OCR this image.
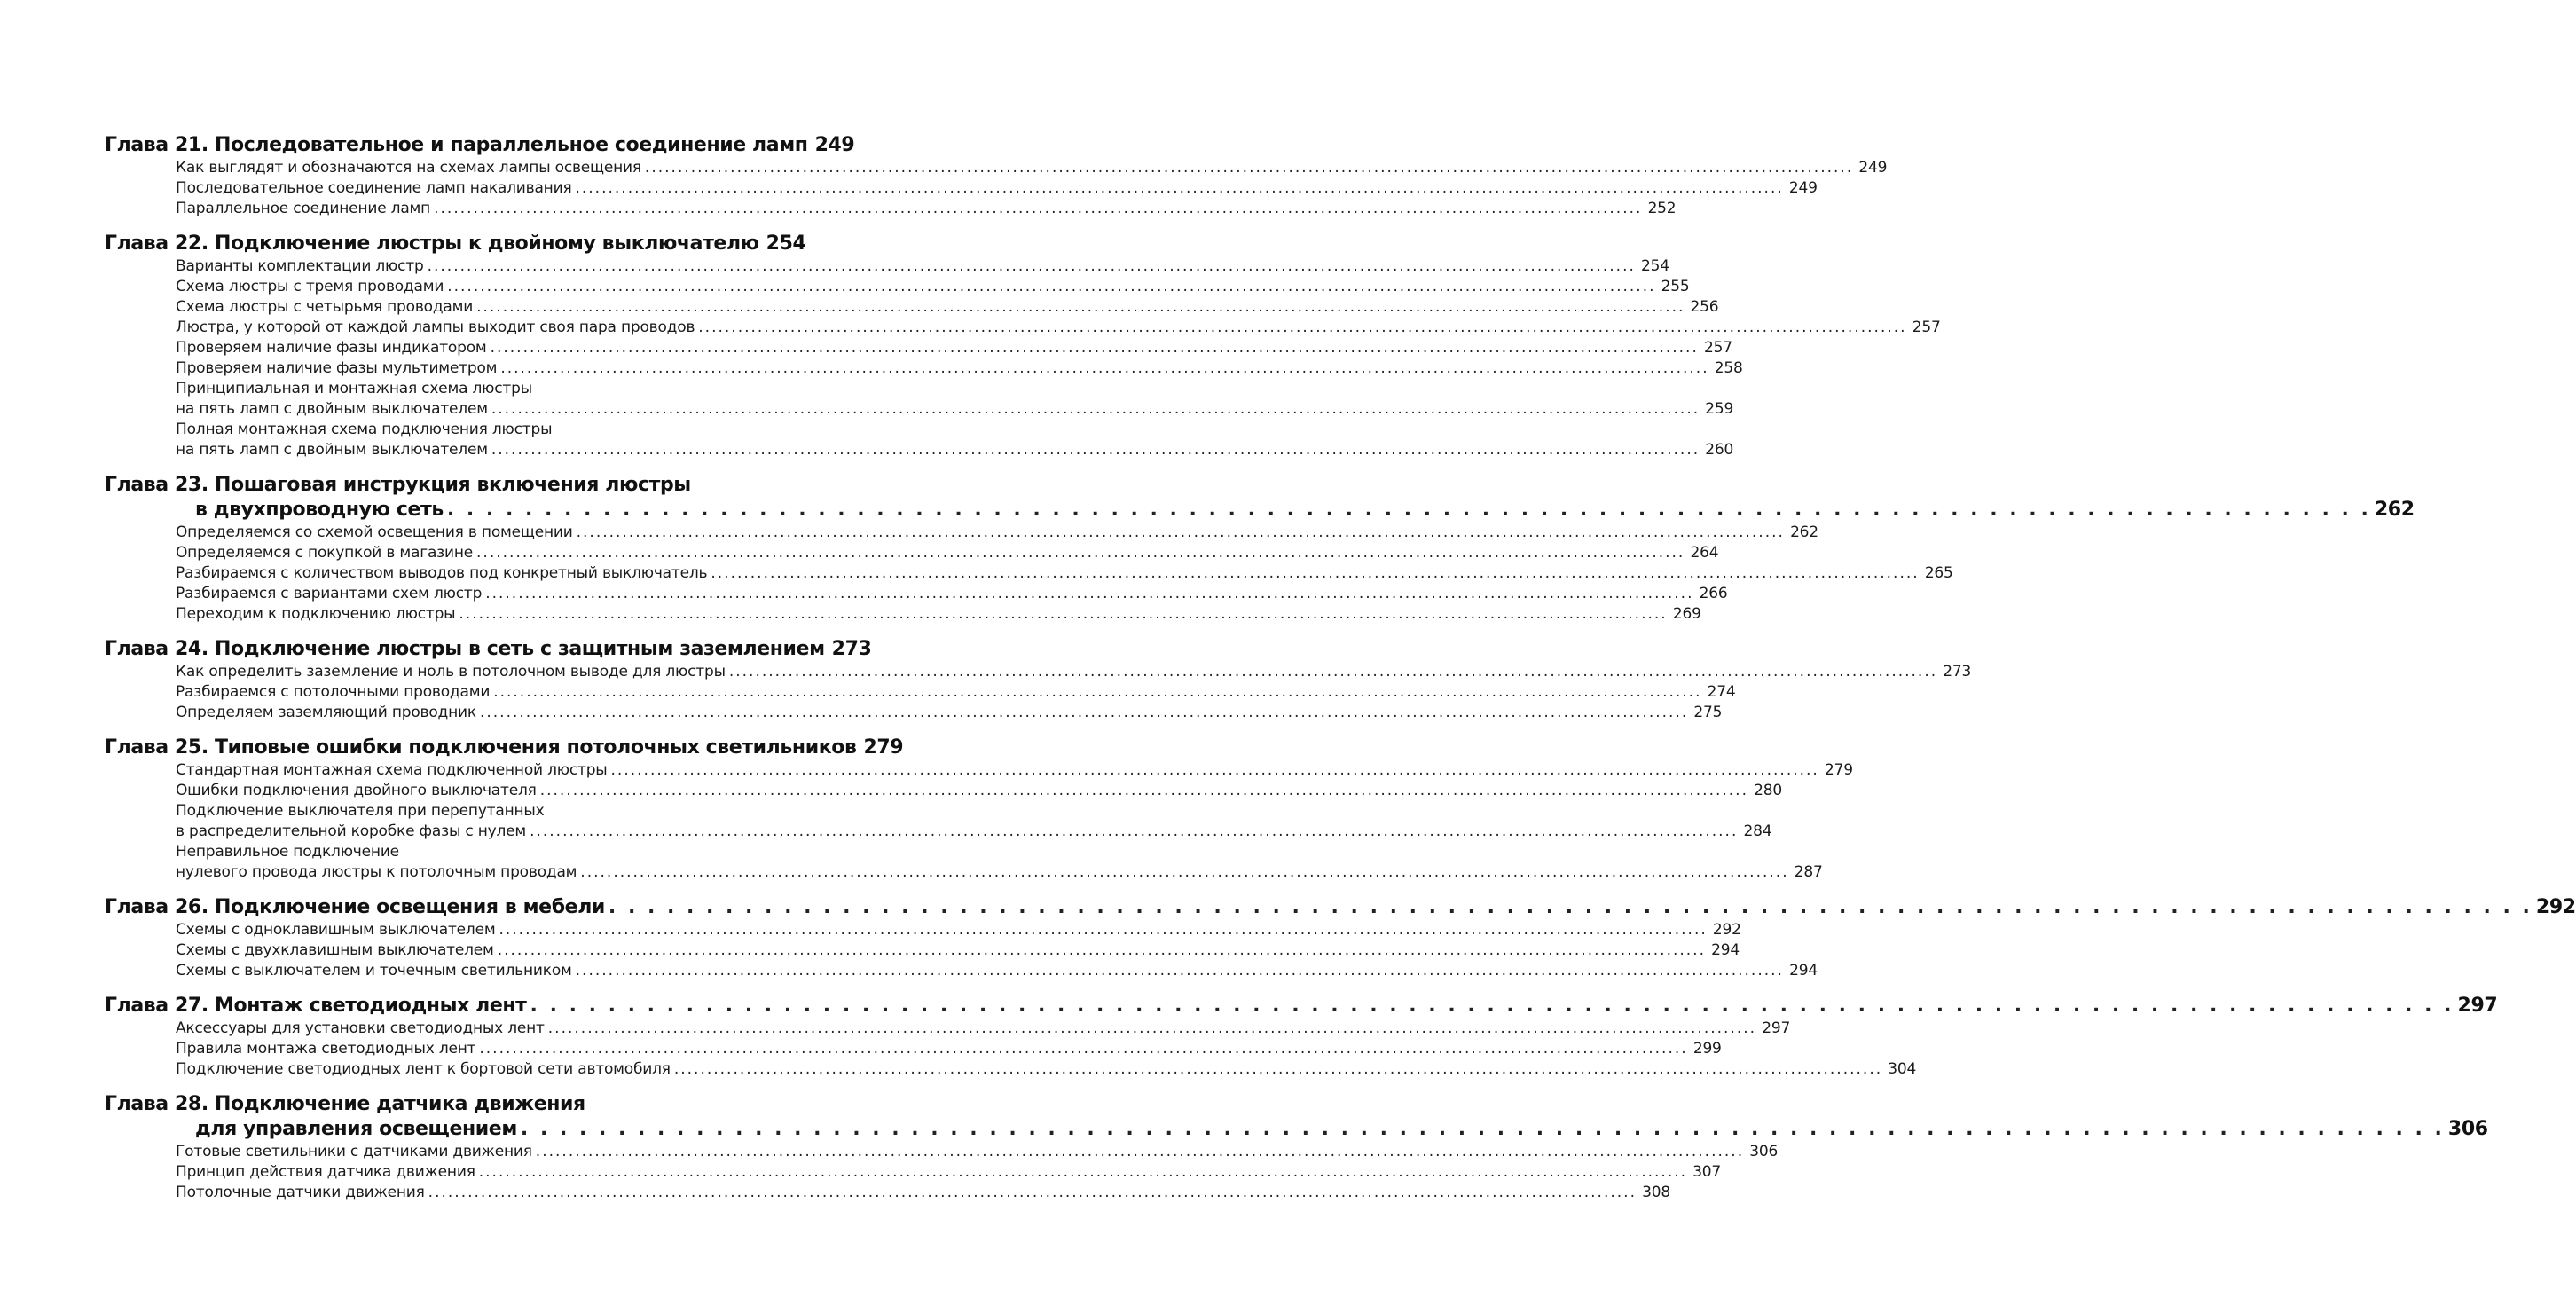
Глава 21. Последовательное и параллельное соединение ламп 249
Как выглядят и обозначаются на схемах лампы освещения .....	249
Последовательное соединение ламп накаливания .....	249
Параллельное соединение ламп .....	252
Глава 22. Подключение люстры к двойному выключателю 254
Варианты комплектации люстр .....	254
Схема люстры с тремя проводами .....	255
Схема люстры с четырьмя проводами .....	256
Люстра, у которой от каждой лампы выходит своя пара проводов .....	257
Проверяем наличие фазы индикатором .....	257
Проверяем наличие фазы мультиметром .....	258
Принципиальная и монтажная схема люстры
на пять ламп с двойным выключателем .....	259
Полная монтажная схема подключения люстры
на пять ламп с двойным выключателем .....	260
Глава 23. Пошаговая инструкция включения люстры
в двухпроводную сеть . . .	262
Определяемся со схемой освещения в помещении .....	262
Определяемся с покупкой в магазине .....	264
Разбираемся с количеством выводов под конкретный выключатель .....	265
Разбираемся с вариантами схем люстр .....	266
Переходим к подключению люстры .....	269
Глава 24. Подключение люстры в сеть с защитным заземлением 273
Как определить заземление и ноль в потолочном выводе для люстры .....	273
Разбираемся с потолочными проводами .....	274
Определяем заземляющий проводник .....	275
Глава 25. Типовые ошибки подключения потолочных светильников 279
Стандартная монтажная схема подключенной люстры .....	279
Ошибки подключения двойного выключателя .....	280
Подключение выключателя при перепутанных
в распределительной коробке фазы с нулем .....	284
Неправильное подключение
нулевого провода люстры к потолочным проводам .....	287
Глава 26. Подключение освещения в мебели . . .	292
Схемы с одноклавишным выключателем .....	292
Схемы с двухклавишным выключателем .....	294
Схемы с выключателем и точечным светильником .....	294
Глава 27. Монтаж светодиодных лент . . .	297
Аксессуары для установки светодиодных лент .....	297
Правила монтажа светодиодных лент .....	299
Подключение светодиодных лент к бортовой сети автомобиля .....	304
Глава 28. Подключение датчика движения
для управления освещением . . .	306
Готовые светильники с датчиками движения .....	306
Принцип действия датчика движения .....	307
Потолочные датчики движения .....	308
